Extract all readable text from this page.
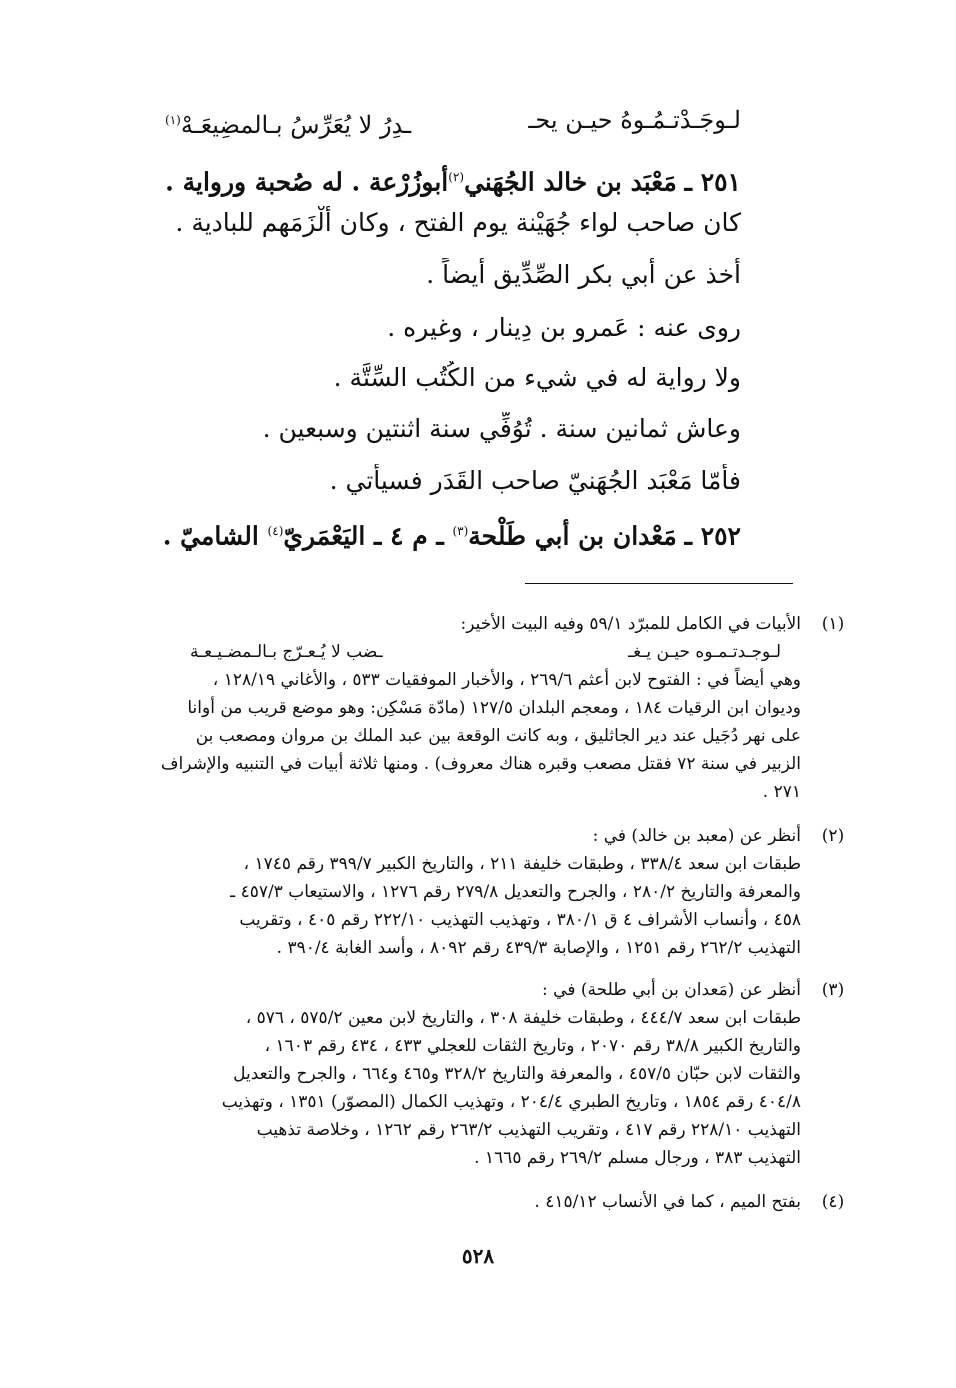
لـوجَـدْتـمُـوهُ حيـن يحـ
ـدِرُ لا يُعَرِّسُ بـالمضِيعَـهْ$^{(١)}$
٢٥١ ـ مَعْبَد بن خالد الجُهَني$^{(٢)}$أبوزُرْعة . له صُحبة ورواية .
كان صاحب لواء جُهَيْنة يوم الفتح ، وكان ألْزَمَهم للبادية .
أخذ عن أبي بكر الصِّدِّيق أيضاً .
روى عنه : عَمرو بن دِينار ، وغيره .
ولا رواية له في شيء من الكُتُب السِّتَّة .
وعاش ثمانين سنة . تُوُفِّي سنة اثنتين وسبعين .
فأمّا مَعْبَد الجُهَنيّ صاحب القَدَر فسيأتي .
٢٥٢ ـ مَعْدان بن أبي طَلْحة$^{(٣)}$ ـ م ٤ ـ اليَعْمَريّ$^{(٤)}$ الشاميّ .
(١)
الأبيات في الكامل للمبرّد ٥٩/١ وفيه البيت الأخير:
لـوجـدتـمـوه حيـن يـغـ
ـضب لا يُـعـرّج بـالـمضـيـعـة
وهي أيضاً في : الفتوح لابن أعثم ٢٦٩/٦ ، والأخبار الموفقيات ٥٣٣ ، والأغاني ١٢٨/١٩ ،
وديوان ابن الرقيات ١٨٤ ، ومعجم البلدان ١٢٧/٥ (مادّة مَسْكِن: وهو موضع قريب من أوانا
على نهر دُجَيل عند دير الجاثليق ، وبه كانت الوقعة بين عبد الملك بن مروان ومصعب بن
الزبير في سنة ٧٢ فقتل مصعب وقبره هناك معروف) . ومنها ثلاثة أبيات في التنبيه والإشراف
٢٧١ .
(٢)
أنظر عن (معبد بن خالد) في :
طبقات ابن سعد ٣٣٨/٤ ، وطبقات خليفة ٢١١ ، والتاريخ الكبير ٣٩٩/٧ رقم ١٧٤٥ ،
والمعرفة والتاريخ ٢٨٠/٢ ، والجرح والتعديل ٢٧٩/٨ رقم ١٢٧٦ ، والاستيعاب ٤٥٧/٣ ـ
٤٥٨ ، وأنساب الأشراف ٤ ق ٣٨٠/١ ، وتهذيب التهذيب ٢٢٢/١٠ رقم ٤٠٥ ، وتقريب
التهذيب ٢٦٢/٢ رقم ١٢٥١ ، والإصابة ٤٣٩/٣ رقم ٨٠٩٢ ، وأسد الغابة ٣٩٠/٤ .
(٣)
أنظر عن (مَعدان بن أبي طلحة) في :
طبقات ابن سعد ٤٤٤/٧ ، وطبقات خليفة ٣٠٨ ، والتاريخ لابن معين ٥٧٥/٢ ، ٥٧٦ ،
والتاريخ الكبير ٣٨/٨ رقم ٢٠٧٠ ، وتاريخ الثقات للعجلي ٤٣٣ ، ٤٣٤ رقم ١٦٠٣ ،
والثقات لابن حبّان ٤٥٧/٥ ، والمعرفة والتاريخ ٣٢٨/٢ و٤٦٥ و٦٦٤ ، والجرح والتعديل
٤٠٤/٨ رقم ١٨٥٤ ، وتاريخ الطبري ٢٠٤/٤ ، وتهذيب الكمال (المصوّر) ١٣٥١ ، وتهذيب
التهذيب ٢٢٨/١٠ رقم ٤١٧ ، وتقريب التهذيب ٢٦٣/٢ رقم ١٢٦٢ ، وخلاصة تذهيب
التهذيب ٣٨٣ ، ورجال مسلم ٢٦٩/٢ رقم ١٦٦٥ .
(٤)
بفتح الميم ، كما في الأنساب ٤١٥/١٢ .
٥٢٨
